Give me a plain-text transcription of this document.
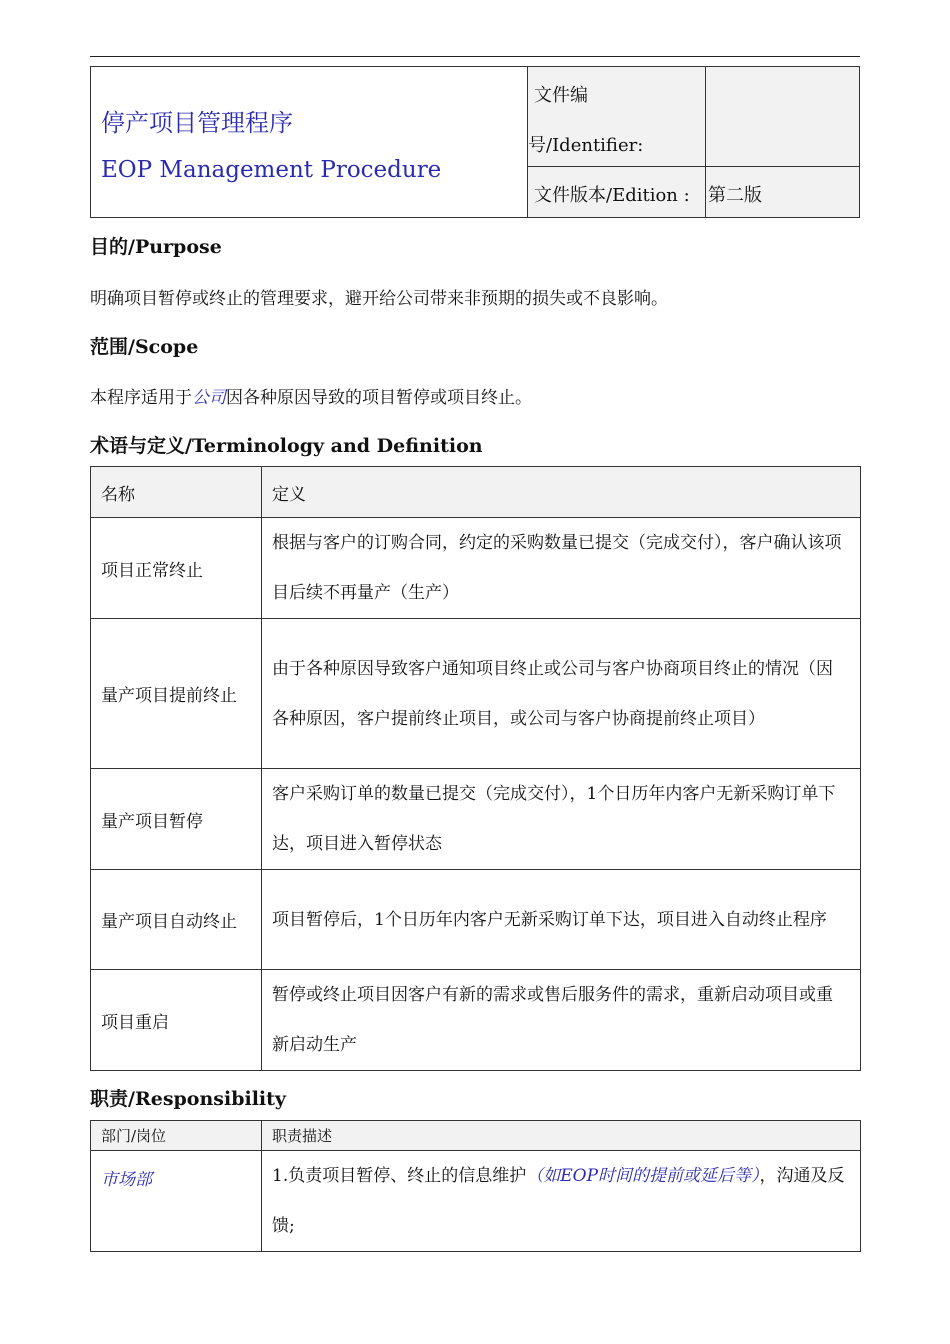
停产项目管理程序
EOP Management Procedure
文件编
号/Identifier:
文件版本/Edition :	第二版
目的/Purpose
明确项目暂停或终止的管理要求，避开给公司带来非预期的损失或不良影响。
范围/Scope
本程序适用于公司因各种原因导致的项目暂停或项目终止。
术语与定义/Terminology and Definition
名称	定义
项目正常终止	根据与客户的订购合同，约定的采购数量已提交（完成交付），客户确认该项目后续不再量产（生产）
量产项目提前终止	由于各种原因导致客户通知项目终止或公司与客户协商项目终止的情况（因各种原因，客户提前终止项目，或公司与客户协商提前终止项目）
量产项目暂停	客户采购订单的数量已提交（完成交付），1个日历年内客户无新采购订单下达，项目进入暂停状态
量产项目自动终止	项目暂停后，1个日历年内客户无新采购订单下达，项目进入自动终止程序
项目重启	暂停或终止项目因客户有新的需求或售后服务件的需求，重新启动项目或重新启动生产
职责/Responsibility
部门/岗位	职责描述
市场部	1.负责项目暂停、终止的信息维护（如EOP时间的提前或延后等），沟通及反馈;
